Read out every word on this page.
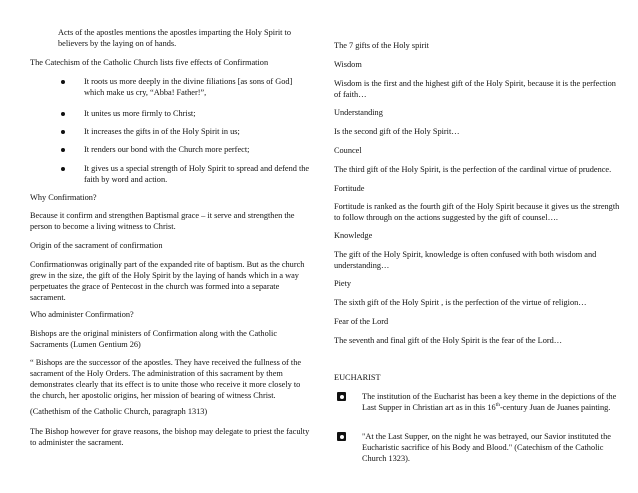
Acts of the apostles mentions the apostles imparting the Holy Spirit to believers by the laying on of hands.

The Catechism of the Catholic Church lists five effects of Confirmation

It roots us more deeply in the divine filiations [as sons of God] which make us cry, “Abba! Father!”,

It unites us more firmly to Christ;

It increases the gifts in of the Holy Spirit in us;

It renders our bond with the Church more perfect;

It gives us a special strength of Holy Spirit to spread and defend the faith by word and action.

Why Confirmation?

Because it confirm and strengthen Baptismal grace – it serve and strengthen the person to become a living witness to Christ.

Origin of the sacrament of confirmation

Confirmationwas originally part of the expanded rite of baptism. But as the church grew in the size, the gift of the Holy Spirit by the laying of hands which in a way perpetuates the grace of Pentecost in the church was formed into a separate sacrament.

Who administer Confirmation?

Bishops are the original ministers of Confirmation along with the Catholic Sacraments (Lumen Gentium 26)

“ Bishops are the successor of the apostles. They have received the fullness of the sacrament of the Holy Orders. The administration of this sacrament by them demonstrates clearly that its effect is to unite those who receive it more closely to the church, her apostolic origins, her mission of bearing of witness Christ.

(Cathethism of the Catholic Church, paragraph 1313)

The Bishop however for grave reasons, the bishop may delegate to priest the faculty to administer the sacrament.

The 7 gifts of the Holy spirit

Wisdom

Wisdom is the first and the highest gift of the Holy Spirit, because it is the perfection of faith…

Understanding

Is the second gift of the Holy Spirit…

Councel

The third gift of the Holy Spirit, is the perfection of the cardinal virtue of prudence.

Fortitude

Fortitude is ranked as the fourth gift of the Holy Spirit because it gives us the strength to follow through on the actions suggested by the gift of counsel….

Knowledge

The gift of the Holy Spirit, knowledge is often confused with both wisdom and understanding…

Piety

The sixth gift of the Holy Spirit , is the perfection of the virtue of religion…

Fear of the Lord

The seventh and final gift of the Holy Spirit is the fear of the Lord…

EUCHARIST

The institution of the Eucharist has been a key theme in the depictions of the Last Supper in Christian art as in this 16th-century Juan de Juanes painting.

"At the Last Supper, on the night he was betrayed, our Savior instituted the Eucharistic sacrifice of his Body and Blood." (Catechism of the Catholic Church 1323).
